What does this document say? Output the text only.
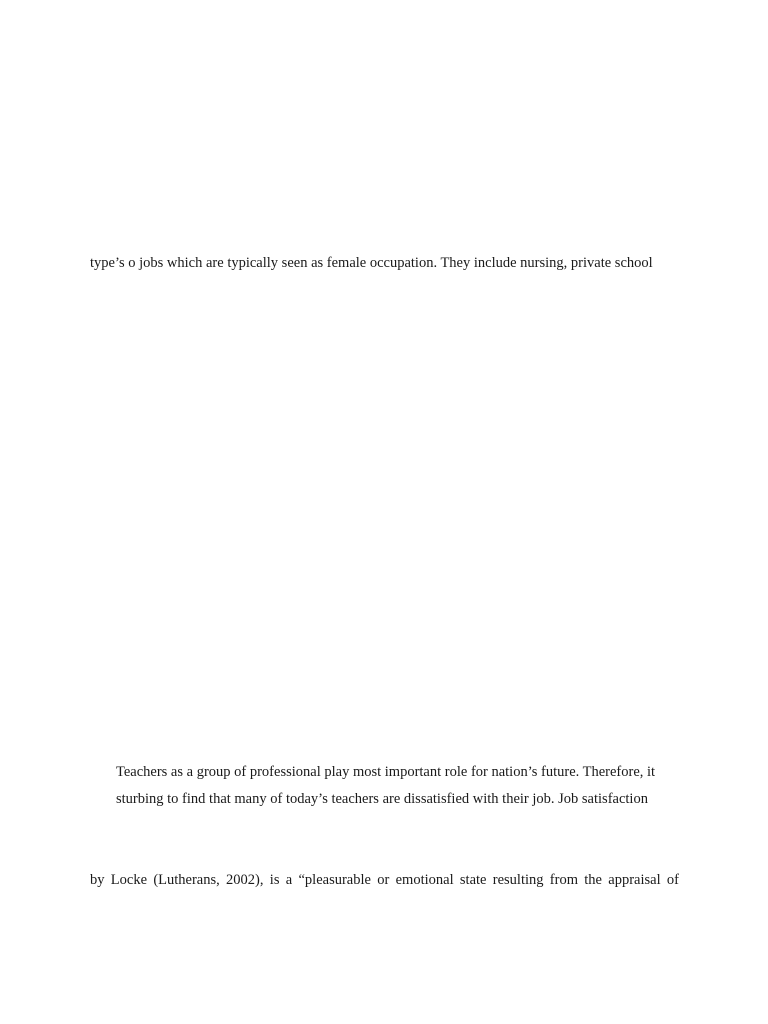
type’s o jobs which are typically seen as female occupation. They include nursing, private school
Teachers as a group of professional play most important role for nation’s future. Therefore, it
sturbing to find that many of today’s teachers are dissatisfied with their job. Job satisfaction
by Locke (Lutherans, 2002), is a “pleasurable or emotional state resulting from the appraisal of
